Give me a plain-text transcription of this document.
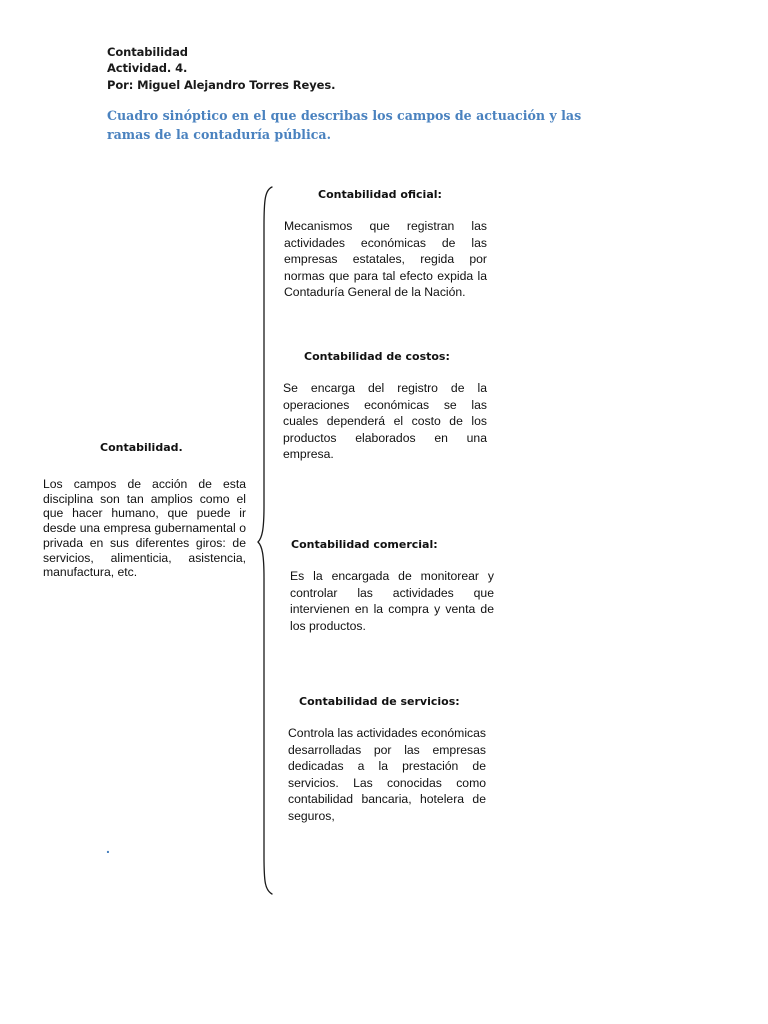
Contabilidad
Actividad. 4.
Por: Miguel Alejandro Torres Reyes.
Cuadro sinóptico en el que describas los campos de actuación y las ramas de la contaduría pública.
Contabilidad.
Los campos de acción de esta disciplina son tan amplios como el que hacer humano, que puede ir desde una empresa gubernamental o privada en sus diferentes giros: de servicios, alimenticia, asistencia, manufactura, etc.
Contabilidad oficial:
Mecanismos que registran las actividades económicas de las empresas estatales, regida por normas que para tal efecto expida la Contaduría General de la Nación.
Contabilidad de costos:
Se encarga del registro de la operaciones económicas se las cuales dependerá el costo de los productos elaborados en una empresa.
Contabilidad comercial:
Es la encargada de monitorear y controlar las actividades que intervienen en la compra y venta de los productos.
Contabilidad de servicios:
Controla las actividades económicas desarrolladas por las empresas dedicadas a la prestación de servicios. Las conocidas como contabilidad bancaria, hotelera de seguros,
.
